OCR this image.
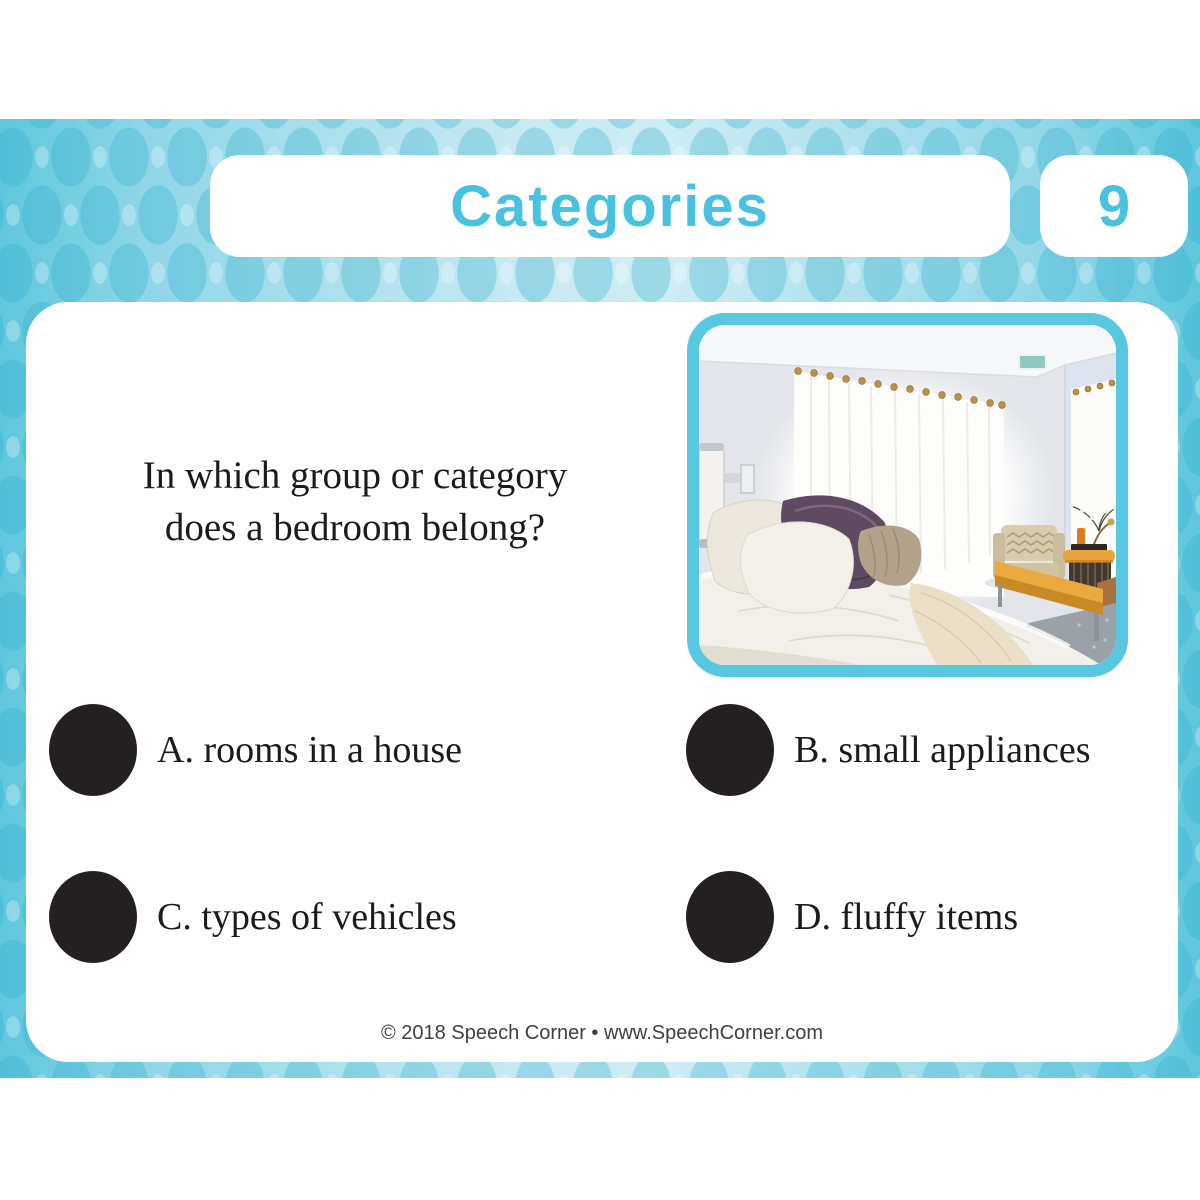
Categories	9
In which group or category
does a bedroom belong?
A. rooms in a house	B. small appliances
C. types of vehicles	D. fluffy items
© 2018 Speech Corner • www.SpeechCorner.com
